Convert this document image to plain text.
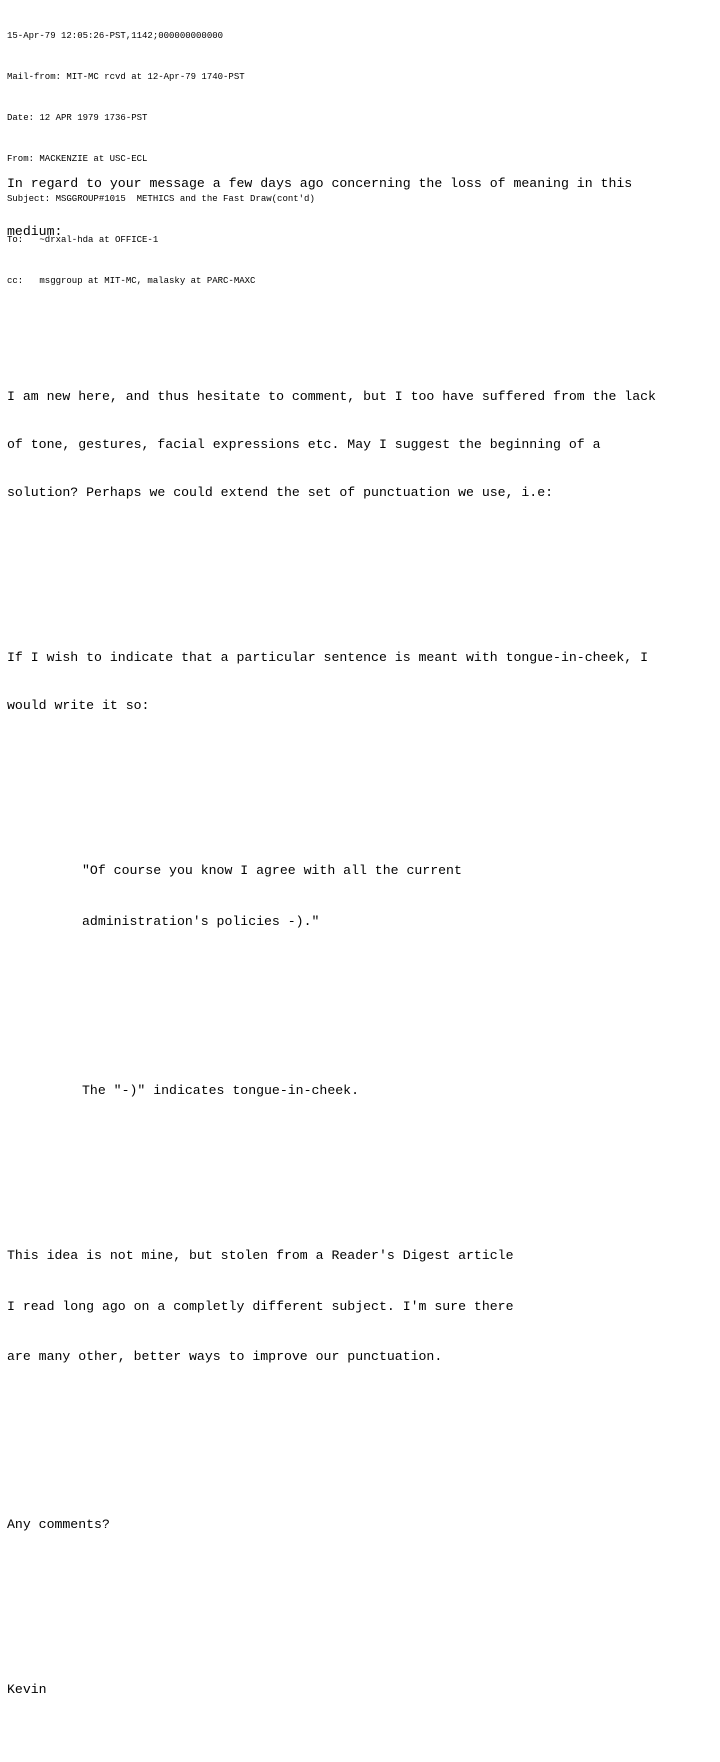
15-Apr-79 12:05:26-PST,1142;000000000000

Mail-from: MIT-MC rcvd at 12-Apr-79 1740-PST

Date: 12 APR 1979 1736-PST

From: MACKENZIE at USC-ECL

Subject: MSGGROUP#1015  METHICS and the Fast Draw(cont'd)

To:   ~drxal-hda at OFFICE-1

cc:   msggroup at MIT-MC, malasky at PARC-MAXC

In regard to your message a few days ago concerning the loss of meaning in this

medium:

I am new here, and thus hesitate to comment, but I too have suffered from the lack

of tone, gestures, facial expressions etc. May I suggest the beginning of a

solution? Perhaps we could extend the set of punctuation we use, i.e:

If I wish to indicate that a particular sentence is meant with tongue-in-cheek, I

would write it so:

"Of course you know I agree with all the current

administration's policies -)."

The "-)" indicates tongue-in-cheek.

This idea is not mine, but stolen from a Reader's Digest article

I read long ago on a completly different subject. I'm sure there

are many other, better ways to improve our punctuation.

Any comments?

Kevin
